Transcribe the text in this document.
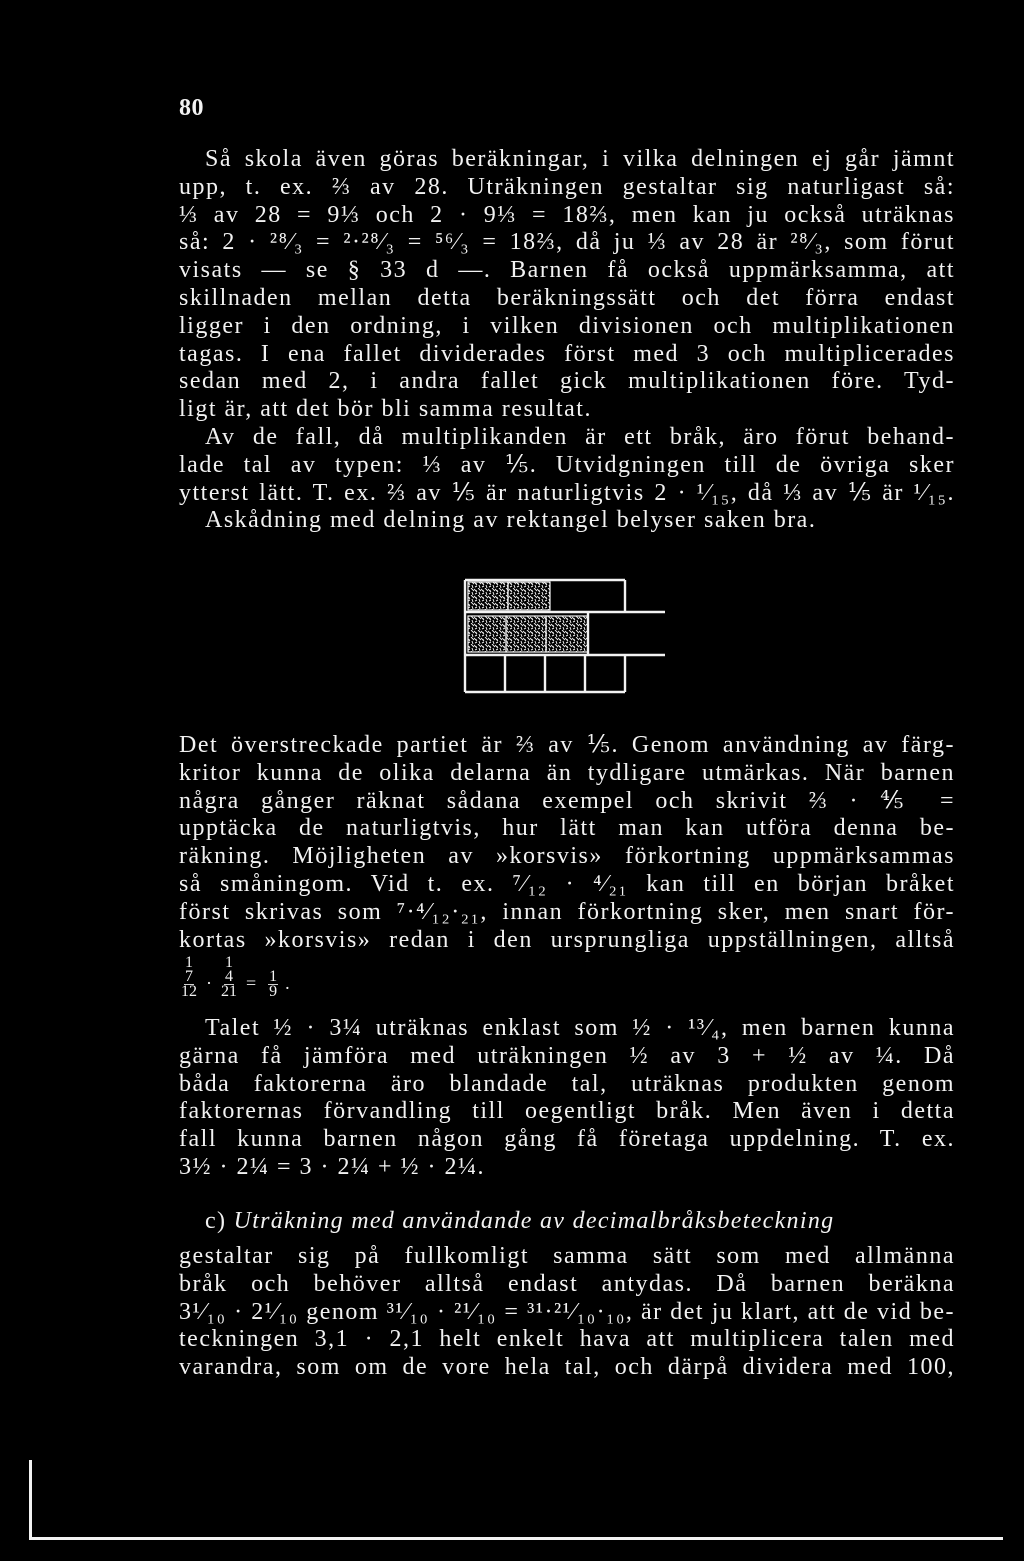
80
Så skola även göras beräkningar, i vilka delningen ej går jämnt
upp, t. ex. ⅔ av 28. Uträkningen gestaltar sig naturligast så:
⅓ av 28 = 9⅓ och 2 · 9⅓ = 18⅔, men kan ju också uträknas
så: 2 · ²⁸⁄₃ = ²·²⁸⁄₃ = ⁵⁶⁄₃ = 18⅔, då ju ⅓ av 28 är ²⁸⁄₃, som förut
visats — se § 33 d —. Barnen få också uppmärksamma, att
skillnaden mellan detta beräkningssätt och det förra endast
ligger i den ordning, i vilken divisionen och multiplikationen
tagas. I ena fallet dividerades först med 3 och multiplicerades
sedan med 2, i andra fallet gick multiplikationen före. Tyd-
ligt är, att det bör bli samma resultat.
Av de fall, då multiplikanden är ett bråk, äro förut behand-
lade tal av typen: ⅓ av ⅕. Utvidgningen till de övriga sker
ytterst lätt. T. ex. ⅔ av ⅕ är naturligtvis 2 · ¹⁄₁₅, då ⅓ av ⅕ är ¹⁄₁₅.
Askådning med delning av rektangel belyser saken bra.
Det överstreckade partiet är ⅔ av ⅕. Genom användning av färg-
kritor kunna de olika delarna än tydligare utmärkas. När barnen
några gånger räknat sådana exempel och skrivit ⅔ · ⅘ =
upptäcka de naturligtvis, hur lätt man kan utföra denna be-
räkning. Möjligheten av »korsvis» förkortning uppmärksammas
så småningom. Vid t. ex. ⁷⁄₁₂ · ⁴⁄₂₁ kan till en början bråket
först skrivas som ⁷·⁴⁄₁₂·₂₁, innan förkortning sker, men snart för-
kortas »korsvis» redan i den ursprungliga uppställningen, alltså
1
7
12 ·
1
4
$21 = \frac{1}{9}$ .
Talet ½ · 3¼ uträknas enklast som ½ · ¹³⁄₄, men barnen kunna
gärna få jämföra med uträkningen ½ av 3 + ½ av ¼. Då
båda faktorerna äro blandade tal, uträknas produkten genom
faktorernas förvandling till oegentligt bråk. Men även i detta
fall kunna barnen någon gång få företaga uppdelning. T. ex.
3½ · 2¼ = 3 · 2¼ + ½ · 2¼.
c) Uträkning med användande av decimalbråksbeteckning
gestaltar sig på fullkomligt samma sätt som med allmänna
bråk och behöver alltså endast antydas. Då barnen beräkna
3¹⁄₁₀ · 2¹⁄₁₀ genom ³¹⁄₁₀ · ²¹⁄₁₀ = ³¹·²¹⁄₁₀·₁₀, är det ju klart, att de vid be-
teckningen 3,1 · 2,1 helt enkelt hava att multiplicera talen med
varandra, som om de vore hela tal, och därpå dividera med 100,
